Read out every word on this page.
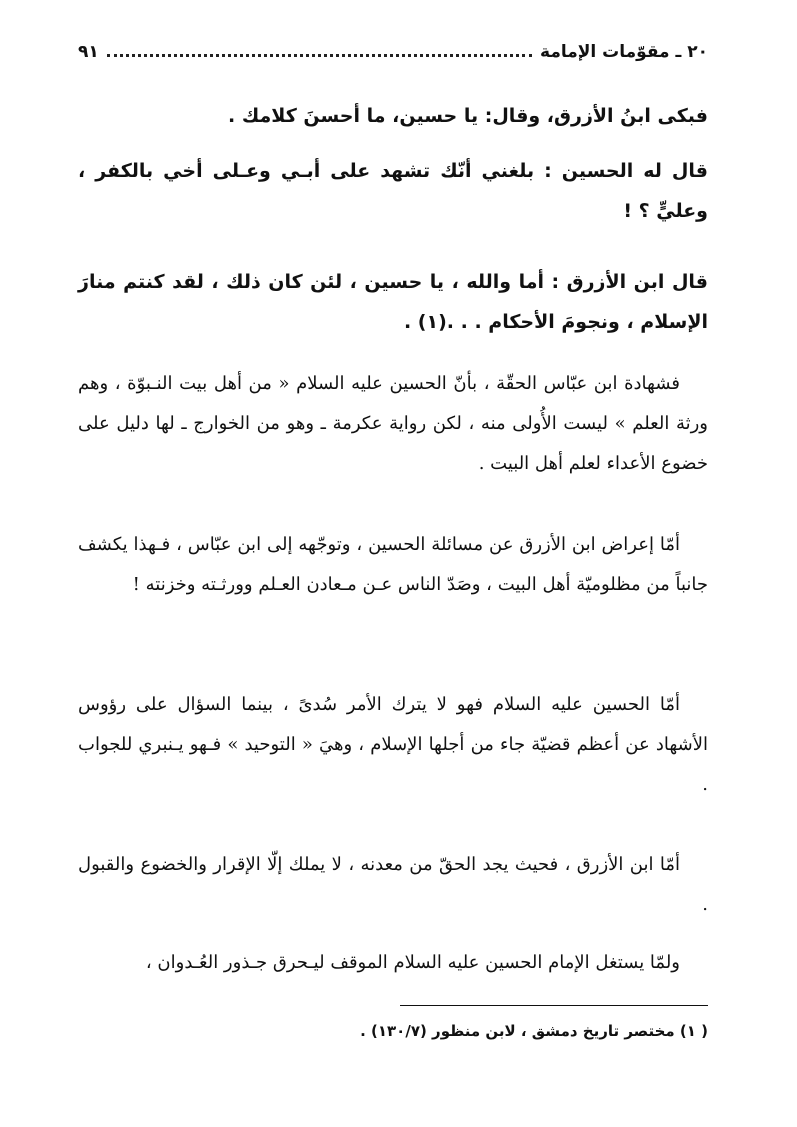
٢٠ ـ مقوّمات الإمامة
٩١

فبكى ابنُ الأزرق، وقال: يا حسين، ما أحسنَ كلامك .

قال له الحسين : بلغني أنّك تشهد على أبـي وعـلى أخي بالكفر ، وعليٍّ ؟ !

قال ابن الأزرق : أما والله ، يا حسين ، لئن كان ذلك ، لقد كنتم منارَ الإسلام ، ونجومَ الأحكام . . .(١) .

فشهادة ابن عبّاس الحقّة ، بأنّ الحسين عليه السلام « من أهل بيت النـبوّة ، وهم ورثة العلم » ليست الأُولى منه ، لكن رواية عكرمة ـ وهو من الخوارج ـ لها دليل على خضوع الأعداء لعلم أهل البيت .

أمّا إعراض ابن الأزرق عن مسائلة الحسين ، وتوجّهه إلى ابن عبّاس ، فـهذا يكشف جانباً من مظلوميّة أهل البيت ، وصَدّ الناس عـن مـعادن العـلم وورثـته وخزنته !

أمّا الحسين عليه السلام فهو لا يترك الأمر سُدىً ، بينما السؤال على رؤوس الأشهاد عن أعظم قضيّة جاء من أجلها الإسلام ، وهيَ « التوحيد » فـهو يـنبري للجواب .

أمّا ابن الأزرق ، فحيث يجد الحقّ من معدنه ، لا يملك إلّا الإقرار والخضوع والقبول .

ولمّا يستغل الإمام الحسين عليه السلام الموقف ليـحرق جـذور العُـدوان ،

( ١) مختصر تاريخ دمشق ، لابن منظور (١٣٠/٧) .
